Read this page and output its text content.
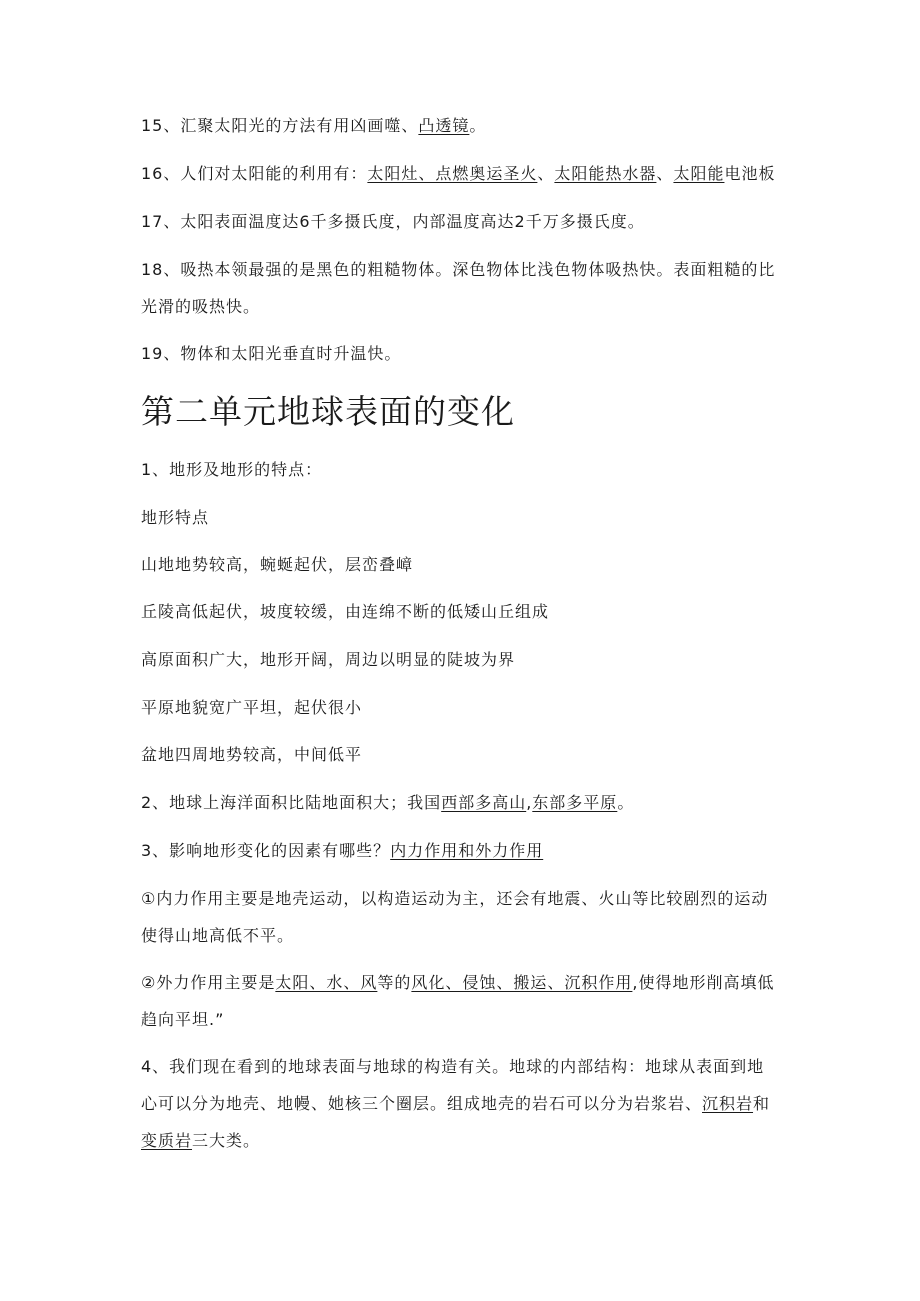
15、汇聚太阳光的方法有用凶画噬、凸透镜。
16、人们对太阳能的利用有：太阳灶、点燃奥运圣火、太阳能热水器、太阳能电池板
17、太阳表面温度达6千多摄氏度，内部温度高达2千万多摄氏度。
18、吸热本领最强的是黑色的粗糙物体。深色物体比浅色物体吸热快。表面粗糙的比
光滑的吸热快。
19、物体和太阳光垂直时升温快。
第二单元地球表面的变化
1、地形及地形的特点：
地形特点
山地地势较高，蜿蜒起伏，层峦叠嶂
丘陵高低起伏，坡度较缓，由连绵不断的低矮山丘组成
高原面积广大，地形开阔，周边以明显的陡坡为界
平原地貌宽广平坦，起伏很小
盆地四周地势较高，中间低平
2、地球上海洋面积比陆地面积大；我国西部多高山,东部多平原。
3、影响地形变化的因素有哪些？内力作用和外力作用
①内力作用主要是地壳运动，以构造运动为主，还会有地震、火山等比较剧烈的运动
使得山地高低不平。
②外力作用主要是太阳、水、风等的风化、侵蚀、搬运、沉积作用,使得地形削高填低
趋向平坦.”
4、我们现在看到的地球表面与地球的构造有关。地球的内部结构：地球从表面到地
心可以分为地壳、地幔、她核三个圈层。组成地壳的岩石可以分为岩浆岩、沉积岩和
变质岩三大类。
